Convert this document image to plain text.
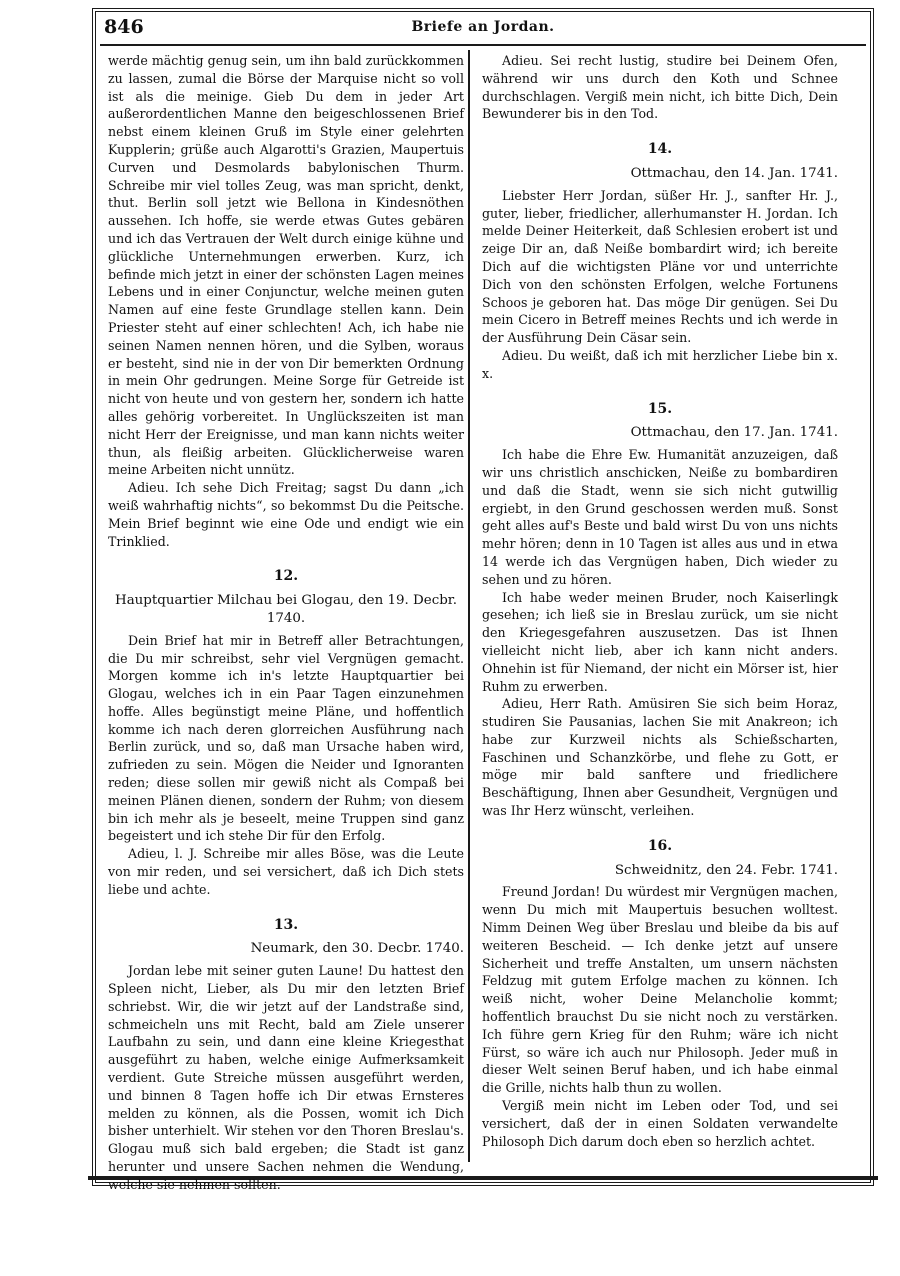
846	Briefe an Jordan.

werde mächtig genug sein, um ihn bald zurückkommen zu lassen, zumal die Börse der Marquise nicht so voll ist als die meinige. Gieb Du dem in jeder Art außerordentlichen Manne den beigeschlossenen Brief nebst einem kleinen Gruß im Style einer gelehrten Kupplerin; grüße auch Algarotti's Grazien, Maupertuis Curven und Desmolards babylonischen Thurm. Schreibe mir viel tolles Zeug, was man spricht, denkt, thut. Berlin soll jetzt wie Bellona in Kindesnöthen aussehen. Ich hoffe, sie werde etwas Gutes gebären und ich das Vertrauen der Welt durch einige kühne und glückliche Unternehmungen erwerben. Kurz, ich befinde mich jetzt in einer der schönsten Lagen meines Lebens und in einer Conjunctur, welche meinen guten Namen auf eine feste Grundlage stellen kann. Dein Priester steht auf einer schlechten! Ach, ich habe nie seinen Namen nennen hören, und die Sylben, woraus er besteht, sind nie in der von Dir bemerkten Ordnung in mein Ohr gedrungen. Meine Sorge für Getreide ist nicht von heute und von gestern her, sondern ich hatte alles gehörig vorbereitet. In Unglückszeiten ist man nicht Herr der Ereignisse, und man kann nichts weiter thun, als fleißig arbeiten. Glücklicherweise waren meine Arbeiten nicht unnütz.

Adieu. Ich sehe Dich Freitag; sagst Du dann „ich weiß wahrhaftig nichts“, so bekommst Du die Peitsche. Mein Brief beginnt wie eine Ode und endigt wie ein Trinklied.

12.
Hauptquartier Milchau bei Glogau, den 19. Decbr. 1740.

Dein Brief hat mir in Betreff aller Betrachtungen, die Du mir schreibst, sehr viel Vergnügen gemacht. Morgen komme ich in's letzte Hauptquartier bei Glogau, welches ich in ein Paar Tagen einzunehmen hoffe. Alles begünstigt meine Pläne, und hoffentlich komme ich nach deren glorreichen Ausführung nach Berlin zurück, und so, daß man Ursache haben wird, zufrieden zu sein. Mögen die Neider und Ignoranten reden; diese sollen mir gewiß nicht als Compaß bei meinen Plänen dienen, sondern der Ruhm; von diesem bin ich mehr als je beseelt, meine Truppen sind ganz begeistert und ich stehe Dir für den Erfolg.

Adieu, l. J. Schreibe mir alles Böse, was die Leute von mir reden, und sei versichert, daß ich Dich stets liebe und achte.

13.
Neumark, den 30. Decbr. 1740.

Jordan lebe mit seiner guten Laune! Du hattest den Spleen nicht, Lieber, als Du mir den letzten Brief schriebst. Wir, die wir jetzt auf der Landstraße sind, schmeicheln uns mit Recht, bald am Ziele unserer Laufbahn zu sein, und dann eine kleine Kriegesthat ausgeführt zu haben, welche einige Aufmerksamkeit verdient. Gute Streiche müssen ausgeführt werden, und binnen 8 Tagen hoffe ich Dir etwas Ernsteres melden zu können, als die Possen, womit ich Dich bisher unterhielt. Wir stehen vor den Thoren Breslau's. Glogau muß sich bald ergeben; die Stadt ist ganz herunter und unsere Sachen nehmen die Wendung, welche sie nehmen sollten.

Adieu. Sei recht lustig, studire bei Deinem Ofen, während wir uns durch den Koth und Schnee durchschlagen. Vergiß mein nicht, ich bitte Dich, Dein Bewunderer bis in den Tod.

14.
Ottmachau, den 14. Jan. 1741.

Liebster Herr Jordan, süßer Hr. J., sanfter Hr. J., guter, lieber, friedlicher, allerhumanster H. Jordan. Ich melde Deiner Heiterkeit, daß Schlesien erobert ist und zeige Dir an, daß Neiße bombardirt wird; ich bereite Dich auf die wichtigsten Pläne vor und unterrichte Dich von den schönsten Erfolgen, welche Fortunens Schoos je geboren hat. Das möge Dir genügen. Sei Du mein Cicero in Betreff meines Rechts und ich werde in der Ausführung Dein Cäsar sein.

Adieu. Du weißt, daß ich mit herzlicher Liebe bin x. x.

15.
Ottmachau, den 17. Jan. 1741.

Ich habe die Ehre Ew. Humanität anzuzeigen, daß wir uns christlich anschicken, Neiße zu bombardiren und daß die Stadt, wenn sie sich nicht gutwillig ergiebt, in den Grund geschossen werden muß. Sonst geht alles auf's Beste und bald wirst Du von uns nichts mehr hören; denn in 10 Tagen ist alles aus und in etwa 14 werde ich das Vergnügen haben, Dich wieder zu sehen und zu hören.

Ich habe weder meinen Bruder, noch Kaiserlingk gesehen; ich ließ sie in Breslau zurück, um sie nicht den Kriegesgefahren auszusetzen. Das ist Ihnen vielleicht nicht lieb, aber ich kann nicht anders. Ohnehin ist für Niemand, der nicht ein Mörser ist, hier Ruhm zu erwerben.

Adieu, Herr Rath. Amüsiren Sie sich beim Horaz, studiren Sie Pausanias, lachen Sie mit Anakreon; ich habe zur Kurzweil nichts als Schießscharten, Faschinen und Schanzkörbe, und flehe zu Gott, er möge mir bald sanftere und friedlichere Beschäftigung, Ihnen aber Gesundheit, Vergnügen und was Ihr Herz wünscht, verleihen.

16.
Schweidnitz, den 24. Febr. 1741.

Freund Jordan! Du würdest mir Vergnügen machen, wenn Du mich mit Maupertuis besuchen wolltest. Nimm Deinen Weg über Breslau und bleibe da bis auf weiteren Bescheid. — Ich denke jetzt auf unsere Sicherheit und treffe Anstalten, um unsern nächsten Feldzug mit gutem Erfolge machen zu können. Ich weiß nicht, woher Deine Melancholie kommt; hoffentlich brauchst Du sie nicht noch zu verstärken. Ich führe gern Krieg für den Ruhm; wäre ich nicht Fürst, so wäre ich auch nur Philosoph. Jeder muß in dieser Welt seinen Beruf haben, und ich habe einmal die Grille, nichts halb thun zu wollen.

Vergiß mein nicht im Leben oder Tod, und sei versichert, daß der in einen Soldaten verwandelte Philosoph Dich darum doch eben so herzlich achtet.
